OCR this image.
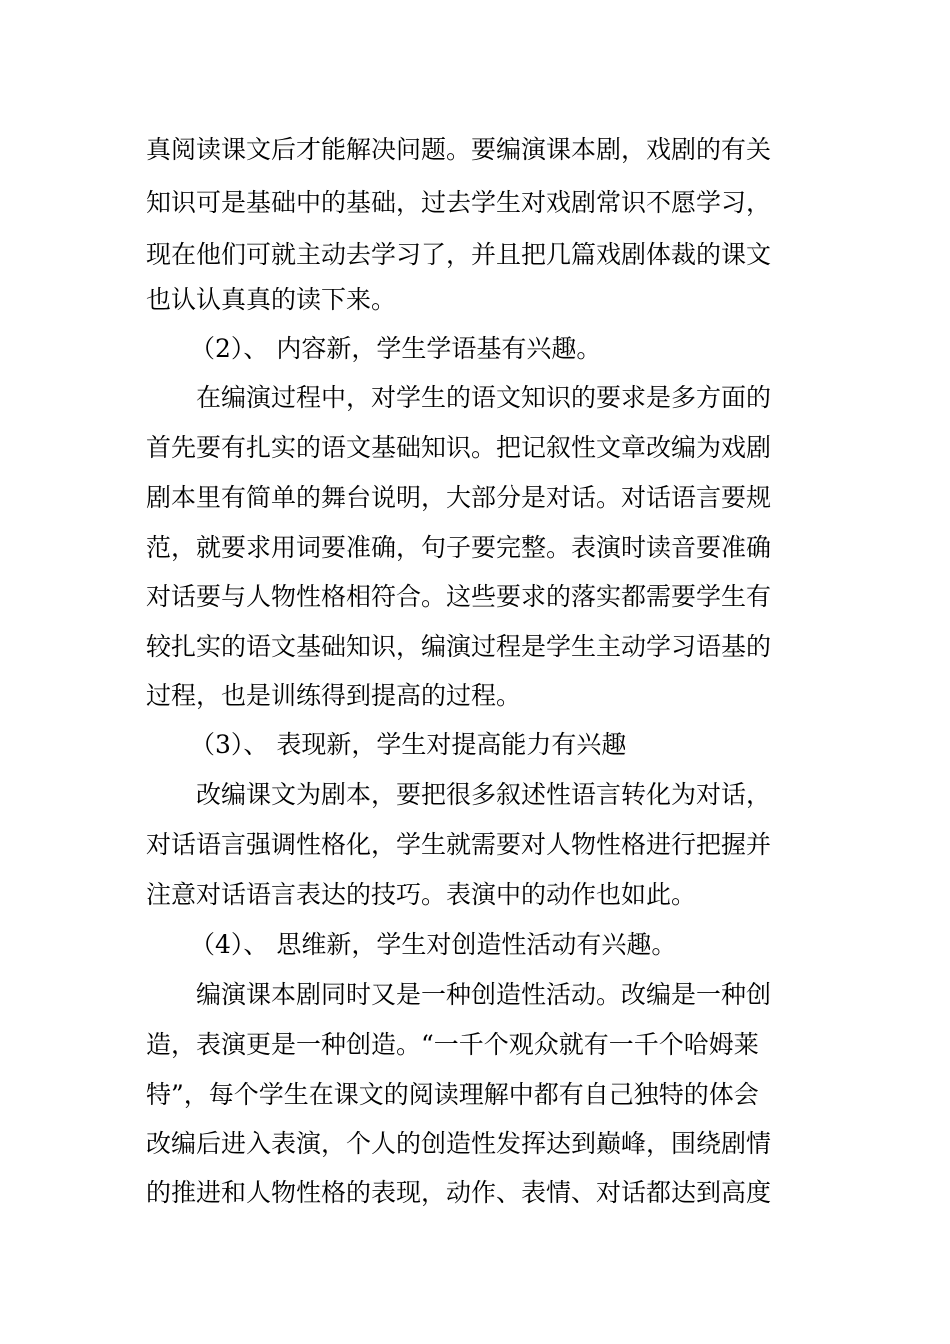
真阅读课文后才能解决问题。要编演课本剧，戏剧的有关
知识可是基础中的基础，过去学生对戏剧常识不愿学习，
现在他们可就主动去学习了，并且把几篇戏剧体裁的课文
也认认真真的读下来。
（2）、 内容新，学生学语基有兴趣。
在编演过程中，对学生的语文知识的要求是多方面的
首先要有扎实的语文基础知识。把记叙性文章改编为戏剧
剧本里有简单的舞台说明，大部分是对话。对话语言要规
范，就要求用词要准确，句子要完整。表演时读音要准确
对话要与人物性格相符合。这些要求的落实都需要学生有
较扎实的语文基础知识，编演过程是学生主动学习语基的
过程，也是训练得到提高的过程。
（3）、 表现新，学生对提高能力有兴趣
改编课文为剧本，要把很多叙述性语言转化为对话，
对话语言强调性格化，学生就需要对人物性格进行把握并
注意对话语言表达的技巧。表演中的动作也如此。
（4）、 思维新，学生对创造性活动有兴趣。
编演课本剧同时又是一种创造性活动。改编是一种创
造，表演更是一种创造。“一千个观众就有一千个哈姆莱
特”，每个学生在课文的阅读理解中都有自己独特的体会
改编后进入表演，个人的创造性发挥达到巅峰，围绕剧情
的推进和人物性格的表现，动作、表情、对话都达到高度
